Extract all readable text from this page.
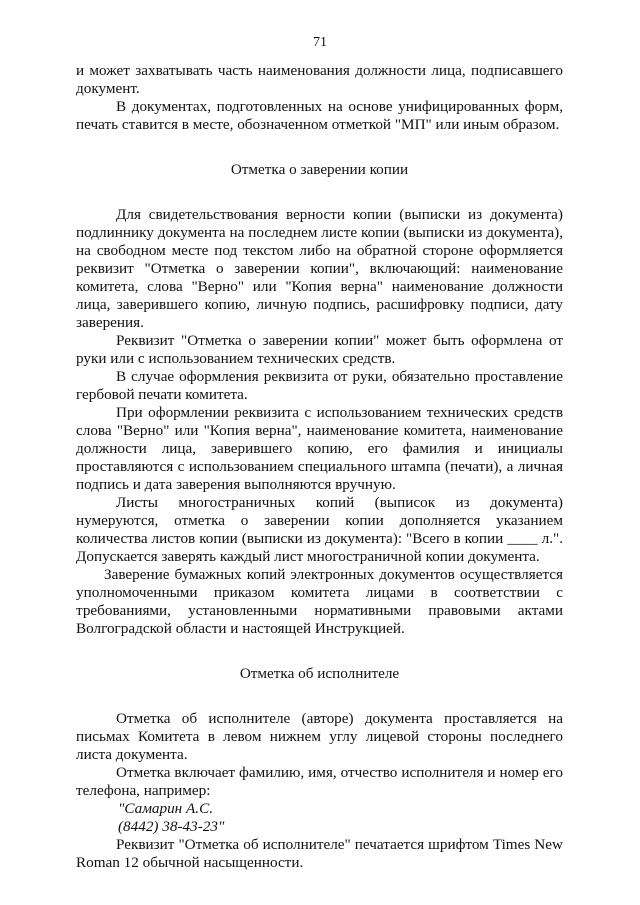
71

и может захватывать часть наименования должности лица, подписавшего документ.

В документах, подготовленных на основе унифицированных форм, печать ставится в месте, обозначенном отметкой "МП" или иным образом.

Отметка о заверении копии

Для свидетельствования верности копии (выписки из документа) подлиннику документа на последнем листе копии (выписки из документа), на свободном месте под текстом либо на обратной стороне оформляется реквизит "Отметка о заверении копии", включающий: наименование комитета, слова "Верно" или "Копия верна" наименование должности лица, заверившего копию, личную подпись, расшифровку подписи, дату заверения.

Реквизит "Отметка о заверении копии" может быть оформлена от руки или с использованием технических средств.

В случае оформления реквизита от руки, обязательно проставление гербовой печати комитета.

При оформлении реквизита с использованием технических средств слова "Верно" или "Копия верна", наименование комитета, наименование должности лица, заверившего копию, его фамилия и инициалы проставляются с использованием специального штампа (печати), а личная подпись и дата заверения выполняются вручную.

Листы многостраничных копий (выписок из документа) нумеруются, отметка о заверении копии дополняется указанием количества листов копии (выписки из документа): "Всего в копии ____ л.". Допускается заверять каждый лист многостраничной копии документа.

Заверение бумажных копий электронных документов осуществляется уполномоченными приказом комитета лицами в соответствии с требованиями, установленными нормативными правовыми актами Волгоградской области и настоящей Инструкцией.

Отметка об исполнителе

Отметка об исполнителе (авторе) документа проставляется на письмах Комитета в левом нижнем углу лицевой стороны последнего листа документа.

Отметка включает фамилию, имя, отчество исполнителя и номер его телефона, например:

"Самарин А.С.

(8442) 38-43-23"

Реквизит "Отметка об исполнителе" печатается шрифтом Times New Roman 12 обычной насыщенности.
